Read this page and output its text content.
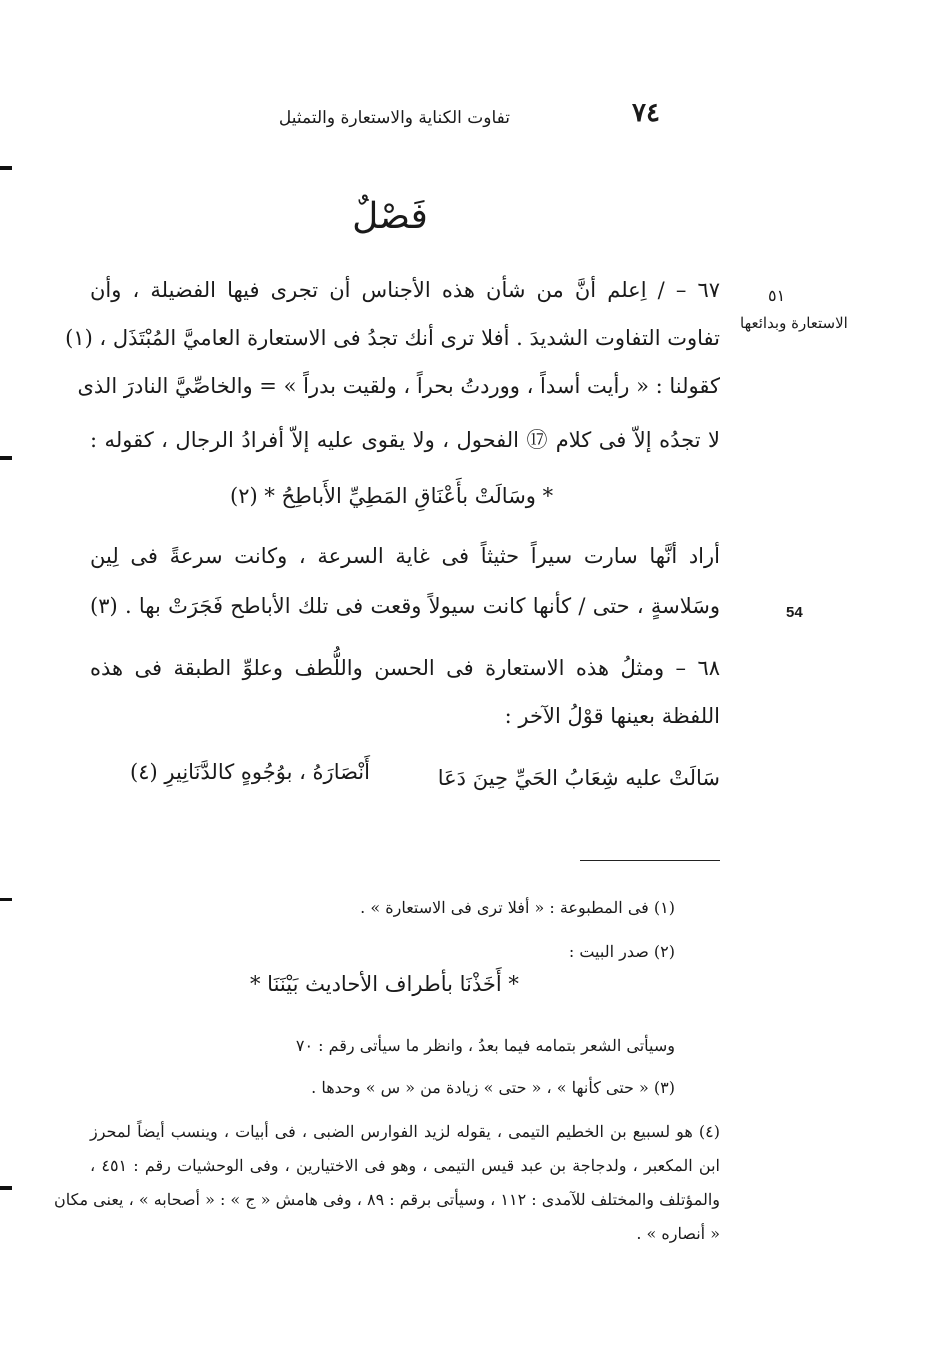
٧٤
تفاوت الكناية والاستعارة والتمثيل
فَصْلٌ
٥١
الاستعارة وبدائعها
54
٦٧ – / اِعلم أنَّ من شأن هذه الأجناس أن تجرى فيها الفضيلة ، وأن
تفاوت التفاوت الشديدَ . أفلا ترى أنك تجدُ فى الاستعارة العاميَّ المُبْتَذَل ، (١)
كقولنا : « رأيت أسداً ، ووردتُ بحراً ، ولقيت بدراً » = والخاصِّيَّ النادرَ الذى
لا تجدُه إلاّ فى كلام ⑰ الفحول ، ولا يقوى عليه إلاّ أفرادُ الرجال ، كقوله :
* وسَالَتْ بأَعْنَاقِ المَطِيِّ الأَباطِحُ * (٢)
أراد أنَّها سارت سيراً حثيثاً فى غاية السرعة ، وكانت سرعةً فى لِين
وسَلاسةٍ ، حتى / كأنها كانت سيولاً وقعت فى تلك الأباطح فَجَرَتْ بها . (٣)
٦٨ – ومثلُ هذه الاستعارة فى الحسن واللُّطف وعلوِّ الطبقة فى هذه
اللفظة بعينها قوْلُ الآخر :
سَالَتْ عليه شِعَابُ الحَيِّ حِينَ دَعَا
أَنْصَارَهُ ، بوُجُوهٍ كالدَّنَانِيرِ (٤)
(١) فى المطبوعة : « أفلا ترى فى الاستعارة » .
(٢) صدر البيت :
* أَخَذْنَا بأطراف الأحاديث بَيْنَنَا *
وسيأتى الشعر بتمامه فيما بعدُ ، وانظر ما سيأتى رقم : ٧٠
(٣) « حتى كأنها » ، « حتى » زيادة من « س » وحدها .
(٤) هو لسبيع بن الخطيم التيمى ، يقوله لزيد الفوارس الضبى ، فى أبيات ، وينسب أيضاً لمحرز
ابن المكعبر ، ولدجاجة بن عبد قيس التيمى ، وهو فى الاختيارين ، وفى الوحشيات رقم : ٤٥١ ،
والمؤتلف والمختلف للآمدى : ١١٢ ، وسيأتى برقم : ٨٩ ، وفى هامش « ج » : « أصحابه » ، يعنى مكان
« أنصاره » .
